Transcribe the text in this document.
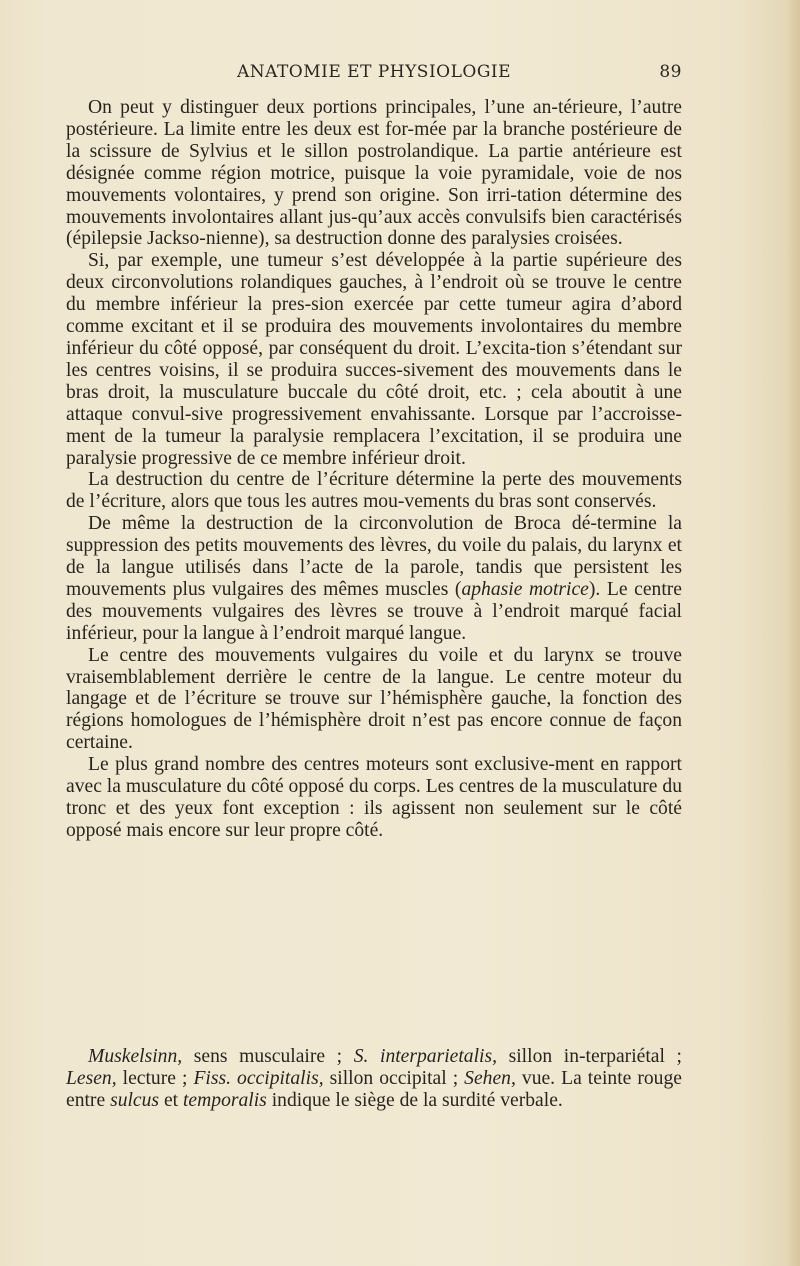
ANATOMIE ET PHYSIOLOGIE	89

On peut y distinguer deux portions principales, l’une an-térieure, l’autre postérieure. La limite entre les deux est for-mée par la branche postérieure de la scissure de Sylvius et le sillon postrolandique. La partie antérieure est désignée comme région motrice, puisque la voie pyramidale, voie de nos mouvements volontaires, y prend son origine. Son irri-tation détermine des mouvements involontaires allant jus-qu’aux accès convulsifs bien caractérisés (épilepsie Jackso-nienne), sa destruction donne des paralysies croisées.

Si, par exemple, une tumeur s’est développée à la partie supérieure des deux circonvolutions rolandiques gauches, à l’endroit où se trouve le centre du membre inférieur la pres-sion exercée par cette tumeur agira d’abord comme excitant et il se produira des mouvements involontaires du membre inférieur du côté opposé, par conséquent du droit. L’excita-tion s’étendant sur les centres voisins, il se produira succes-sivement des mouvements dans le bras droit, la musculature buccale du côté droit, etc. ; cela aboutit à une attaque convul-sive progressivement envahissante. Lorsque par l’accroisse-ment de la tumeur la paralysie remplacera l’excitation, il se produira une paralysie progressive de ce membre inférieur droit.

La destruction du centre de l’écriture détermine la perte des mouvements de l’écriture, alors que tous les autres mou-vements du bras sont conservés.

De même la destruction de la circonvolution de Broca dé-termine la suppression des petits mouvements des lèvres, du voile du palais, du larynx et de la langue utilisés dans l’acte de la parole, tandis que persistent les mouvements plus vulgaires des mêmes muscles (aphasie motrice). Le centre des mouvements vulgaires des lèvres se trouve à l’endroit marqué facial inférieur, pour la langue à l’endroit marqué langue.

Le centre des mouvements vulgaires du voile et du larynx se trouve vraisemblablement derrière le centre de la langue. Le centre moteur du langage et de l’écriture se trouve sur l’hémisphère gauche, la fonction des régions homologues de l’hémisphère droit n’est pas encore connue de façon certaine.

Le plus grand nombre des centres moteurs sont exclusive-ment en rapport avec la musculature du côté opposé du corps. Les centres de la musculature du tronc et des yeux font exception : ils agissent non seulement sur le côté opposé mais encore sur leur propre côté.

Muskelsinn, sens musculaire ; S. interparietalis, sillon in-terpariétal ; Lesen, lecture ; Fiss. occipitalis, sillon occipital ; Sehen, vue. La teinte rouge entre sulcus et temporalis indique le siège de la surdité verbale.
